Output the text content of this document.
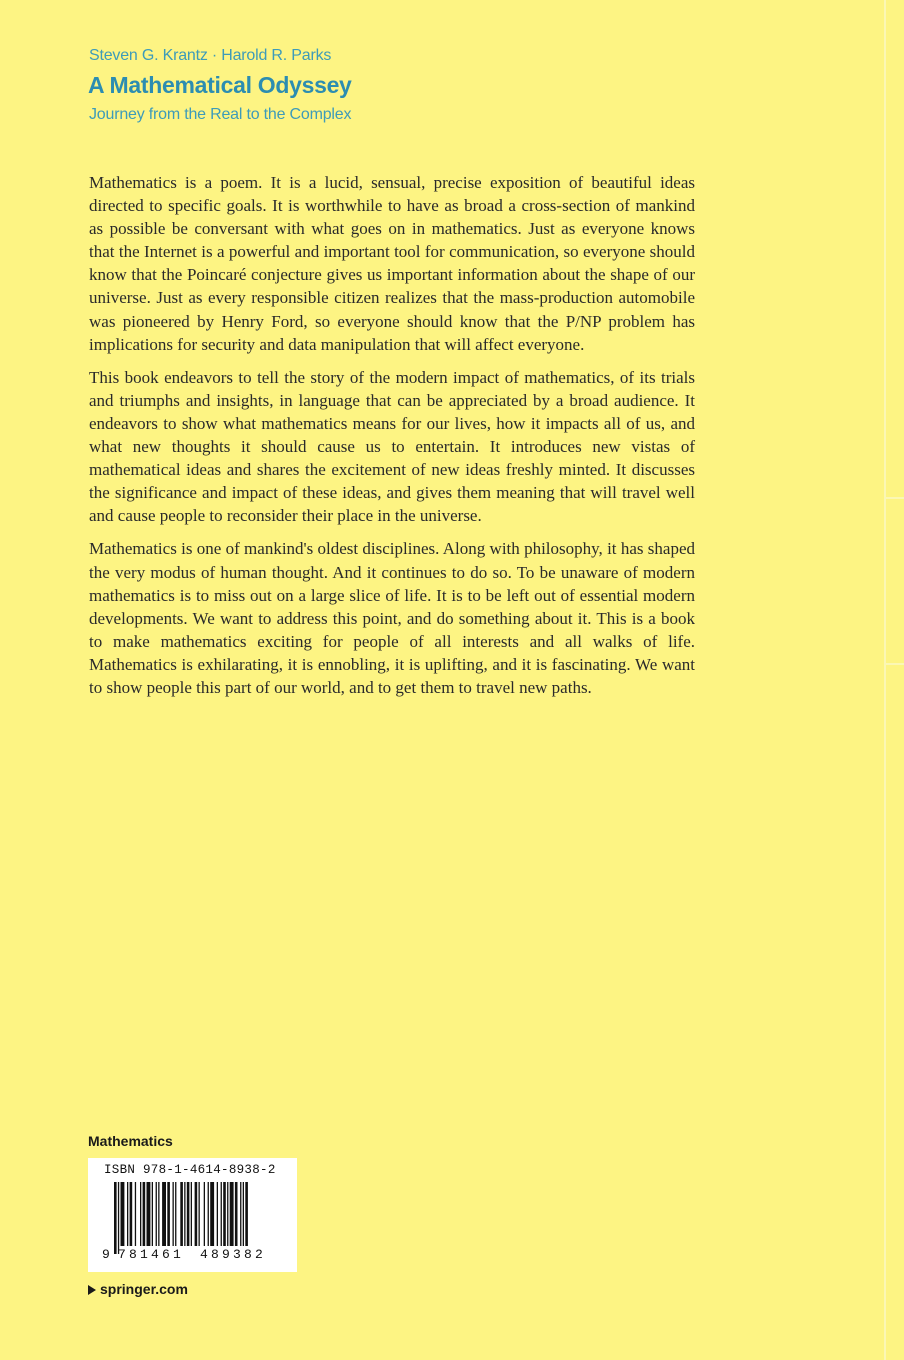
Steven G. Krantz · Harold R. Parks
A Mathematical Odyssey
Journey from the Real to the Complex

Mathematics is a poem. It is a lucid, sensual, precise exposition of beautiful ideas directed to specific goals. It is worthwhile to have as broad a cross-section of mankind as possible be conversant with what goes on in mathematics. Just as everyone knows that the Internet is a powerful and important tool for communication, so everyone should know that the Poincaré conjecture gives us important information about the shape of our universe. Just as every responsible citizen realizes that the mass-production automobile was pioneered by Henry Ford, so everyone should know that the P/NP problem has implications for security and data manipulation that will affect everyone.

This book endeavors to tell the story of the modern impact of mathematics, of its trials and triumphs and insights, in language that can be appreciated by a broad audience. It endeavors to show what mathematics means for our lives, how it impacts all of us, and what new thoughts it should cause us to entertain. It introduces new vistas of mathematical ideas and shares the excitement of new ideas freshly minted. It discusses the significance and impact of these ideas, and gives them meaning that will travel well and cause people to reconsider their place in the universe.

Mathematics is one of mankind's oldest disciplines. Along with philosophy, it has shaped the very modus of human thought. And it continues to do so. To be unaware of modern mathematics is to miss out on a large slice of life. It is to be left out of essential modern developments. We want to address this point, and do something about it. This is a book to make mathematics exciting for people of all interests and all walks of life. Mathematics is exhilarating, it is ennobling, it is uplifting, and it is fascinating. We want to show people this part of our world, and to get them to travel new paths.

Mathematics
ISBN 978-1-4614-8938-2
9 781461 489382
springer.com
